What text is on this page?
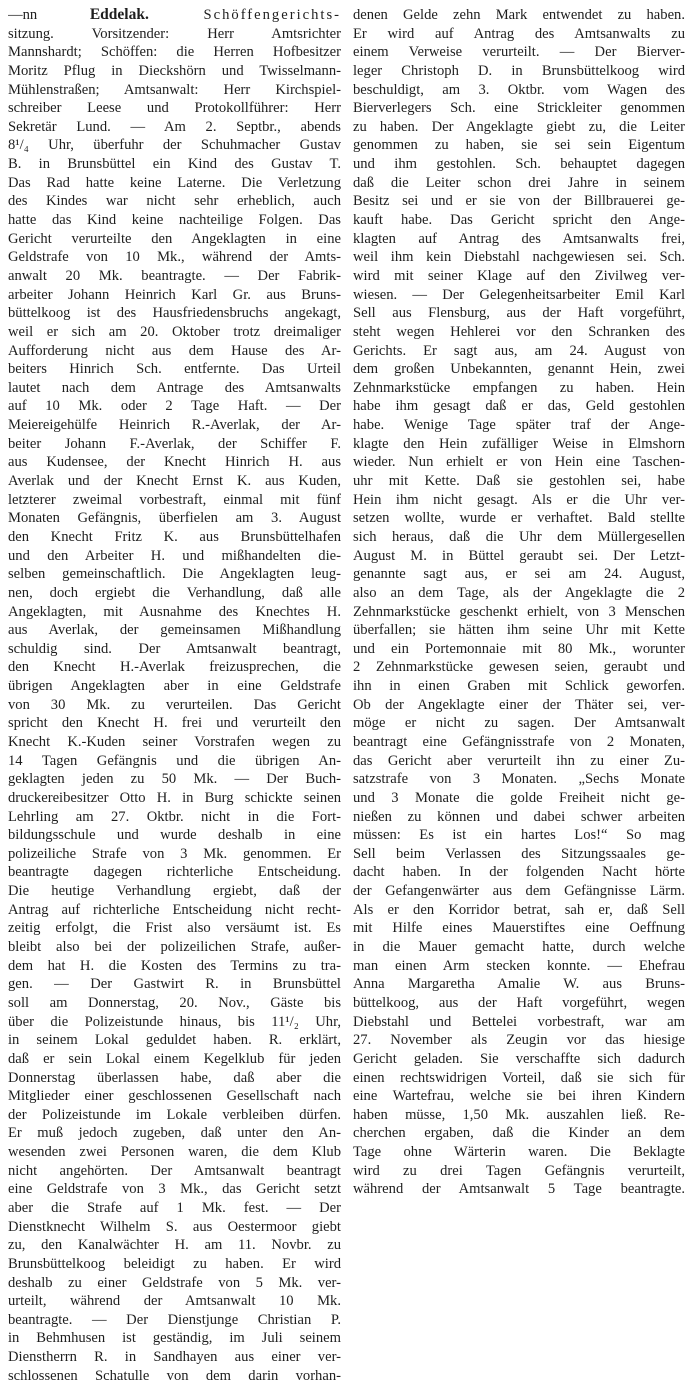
—nn Eddelak. Schöffengerichts-
sitzung. Vorsitzender: Herr Amtsrichter
Mannshardt; Schöffen: die Herren Hofbesitzer
Moritz Pflug in Dieckshörn und Twisselmann-
Mühlenstraßen; Amtsanwalt: Herr Kirchspiel-
schreiber Leese und Protokollführer: Herr
Sekretär Lund. — Am 2. Septbr., abends
8¹/₄ Uhr, überfuhr der Schuhmacher Gustav
B. in Brunsbüttel ein Kind des Gustav T.
Das Rad hatte keine Laterne. Die Verletzung
des Kindes war nicht sehr erheblich, auch
hatte das Kind keine nachteilige Folgen. Das
Gericht verurteilte den Angeklagten in eine
Geldstrafe von 10 Mk., während der Amts-
anwalt 20 Mk. beantragte. — Der Fabrik-
arbeiter Johann Heinrich Karl Gr. aus Bruns-
büttelkoog ist des Hausfriedensbruchs angekagt,
weil er sich am 20. Oktober trotz dreimaliger
Aufforderung nicht aus dem Hause des Ar-
beiters Hinrich Sch. entfernte. Das Urteil
lautet nach dem Antrage des Amtsanwalts
auf 10 Mk. oder 2 Tage Haft. — Der
Meiereigehülfe Heinrich R.-Averlak, der Ar-
beiter Johann F.-Averlak, der Schiffer F.
aus Kudensee, der Knecht Hinrich H. aus
Averlak und der Knecht Ernst K. aus Kuden,
letzterer zweimal vorbestraft, einmal mit fünf
Monaten Gefängnis, überfielen am 3. August
den Knecht Fritz K. aus Brunsbüttelhafen
und den Arbeiter H. und mißhandelten die-
selben gemeinschaftlich. Die Angeklagten leug-
nen, doch ergiebt die Verhandlung, daß alle
Angeklagten, mit Ausnahme des Knechtes H.
aus Averlak, der gemeinsamen Mißhandlung
schuldig sind. Der Amtsanwalt beantragt,
den Knecht H.-Averlak freizusprechen, die
übrigen Angeklagten aber in eine Geldstrafe
von 30 Mk. zu verurteilen. Das Gericht
spricht den Knecht H. frei und verurteilt den
Knecht K.-Kuden seiner Vorstrafen wegen zu
14 Tagen Gefängnis und die übrigen An-
geklagten jeden zu 50 Mk. — Der Buch-
druckereibesitzer Otto H. in Burg schickte seinen
Lehrling am 27. Oktbr. nicht in die Fort-
bildungsschule und wurde deshalb in eine
polizeiliche Strafe von 3 Mk. genommen. Er
beantragte dagegen richterliche Entscheidung.
Die heutige Verhandlung ergiebt, daß der
Antrag auf richterliche Entscheidung nicht recht-
zeitig erfolgt, die Frist also versäumt ist. Es
bleibt also bei der polizeilichen Strafe, außer-
dem hat H. die Kosten des Termins zu tra-
gen. — Der Gastwirt R. in Brunsbüttel
soll am Donnerstag, 20. Nov., Gäste bis
über die Polizeistunde hinaus, bis 11¹/₂ Uhr,
in seinem Lokal geduldet haben. R. erklärt,
daß er sein Lokal einem Kegelklub für jeden
Donnerstag überlassen habe, daß aber die
Mitglieder einer geschlossenen Gesellschaft nach
der Polizeistunde im Lokale verbleiben dürfen.
Er muß jedoch zugeben, daß unter den An-
wesenden zwei Personen waren, die dem Klub
nicht angehörten. Der Amtsanwalt beantragt
eine Geldstrafe von 3 Mk., das Gericht setzt
aber die Strafe auf 1 Mk. fest. — Der
Dienstknecht Wilhelm S. aus Oestermoor giebt
zu, den Kanalwächter H. am 11. Novbr. zu
Brunsbüttelkoog beleidigt zu haben. Er wird
deshalb zu einer Geldstrafe von 5 Mk. ver-
urteilt, während der Amtsanwalt 10 Mk.
beantragte. — Der Dienstjunge Christian P.
in Behmhusen ist geständig, im Juli seinem
Dienstherrn R. in Sandhayen aus einer ver-
schlossenen Schatulle von dem darin vorhan-
denen Gelde zehn Mark entwendet zu haben.
Er wird auf Antrag des Amtsanwalts zu
einem Verweise verurteilt. — Der Bierver-
leger Christoph D. in Brunsbüttelkoog wird
beschuldigt, am 3. Oktbr. vom Wagen des
Bierverlegers Sch. eine Strickleiter genommen
zu haben. Der Angeklagte giebt zu, die Leiter
genommen zu haben, sie sei sein Eigentum
und ihm gestohlen. Sch. behauptet dagegen
daß die Leiter schon drei Jahre in seinem
Besitz sei und er sie von der Billbrauerei ge-
kauft habe. Das Gericht spricht den Ange-
klagten auf Antrag des Amtsanwalts frei,
weil ihm kein Diebstahl nachgewiesen sei. Sch.
wird mit seiner Klage auf den Zivilweg ver-
wiesen. — Der Gelegenheitsarbeiter Emil Karl
Sell aus Flensburg, aus der Haft vorgeführt,
steht wegen Hehlerei vor den Schranken des
Gerichts. Er sagt aus, am 24. August von
dem großen Unbekannten, genannt Hein, zwei
Zehnmarkstücke empfangen zu haben. Hein
habe ihm gesagt daß er das, Geld gestohlen
habe. Wenige Tage später traf der Ange-
klagte den Hein zufälliger Weise in Elmshorn
wieder. Nun erhielt er von Hein eine Taschen-
uhr mit Kette. Daß sie gestohlen sei, habe
Hein ihm nicht gesagt. Als er die Uhr ver-
setzen wollte, wurde er verhaftet. Bald stellte
sich heraus, daß die Uhr dem Müllergesellen
August M. in Büttel geraubt sei. Der Letzt-
genannte sagt aus, er sei am 24. August,
also an dem Tage, als der Angeklagte die 2
Zehnmarkstücke geschenkt erhielt, von 3 Menschen
überfallen; sie hätten ihm seine Uhr mit Kette
und ein Portemonnaie mit 80 Mk., worunter
2 Zehnmarkstücke gewesen seien, geraubt und
ihn in einen Graben mit Schlick geworfen.
Ob der Angeklagte einer der Thäter sei, ver-
möge er nicht zu sagen. Der Amtsanwalt
beantragt eine Gefängnisstrafe von 2 Monaten,
das Gericht aber verurteilt ihn zu einer Zu-
satzstrafe von 3 Monaten. „Sechs Monate
und 3 Monate die golde Freiheit nicht ge-
nießen zu können und dabei schwer arbeiten
müssen: Es ist ein hartes Los!“ So mag
Sell beim Verlassen des Sitzungssaales ge-
dacht haben. In der folgenden Nacht hörte
der Gefangenwärter aus dem Gefängnisse Lärm.
Als er den Korridor betrat, sah er, daß Sell
mit Hilfe eines Mauerstiftes eine Oeffnung
in die Mauer gemacht hatte, durch welche
man einen Arm stecken konnte. — Ehefrau
Anna Margaretha Amalie W. aus Bruns-
büttelkoog, aus der Haft vorgeführt, wegen
Diebstahl und Bettelei vorbestraft, war am
27. November als Zeugin vor das hiesige
Gericht geladen. Sie verschaffte sich dadurch
einen rechtswidrigen Vorteil, daß sie sich für
eine Wartefrau, welche sie bei ihren Kindern
haben müsse, 1,50 Mk. auszahlen ließ. Re-
cherchen ergaben, daß die Kinder an dem
Tage ohne Wärterin waren. Die Beklagte
wird zu drei Tagen Gefängnis verurteilt,
während der Amtsanwalt 5 Tage beantragte.
